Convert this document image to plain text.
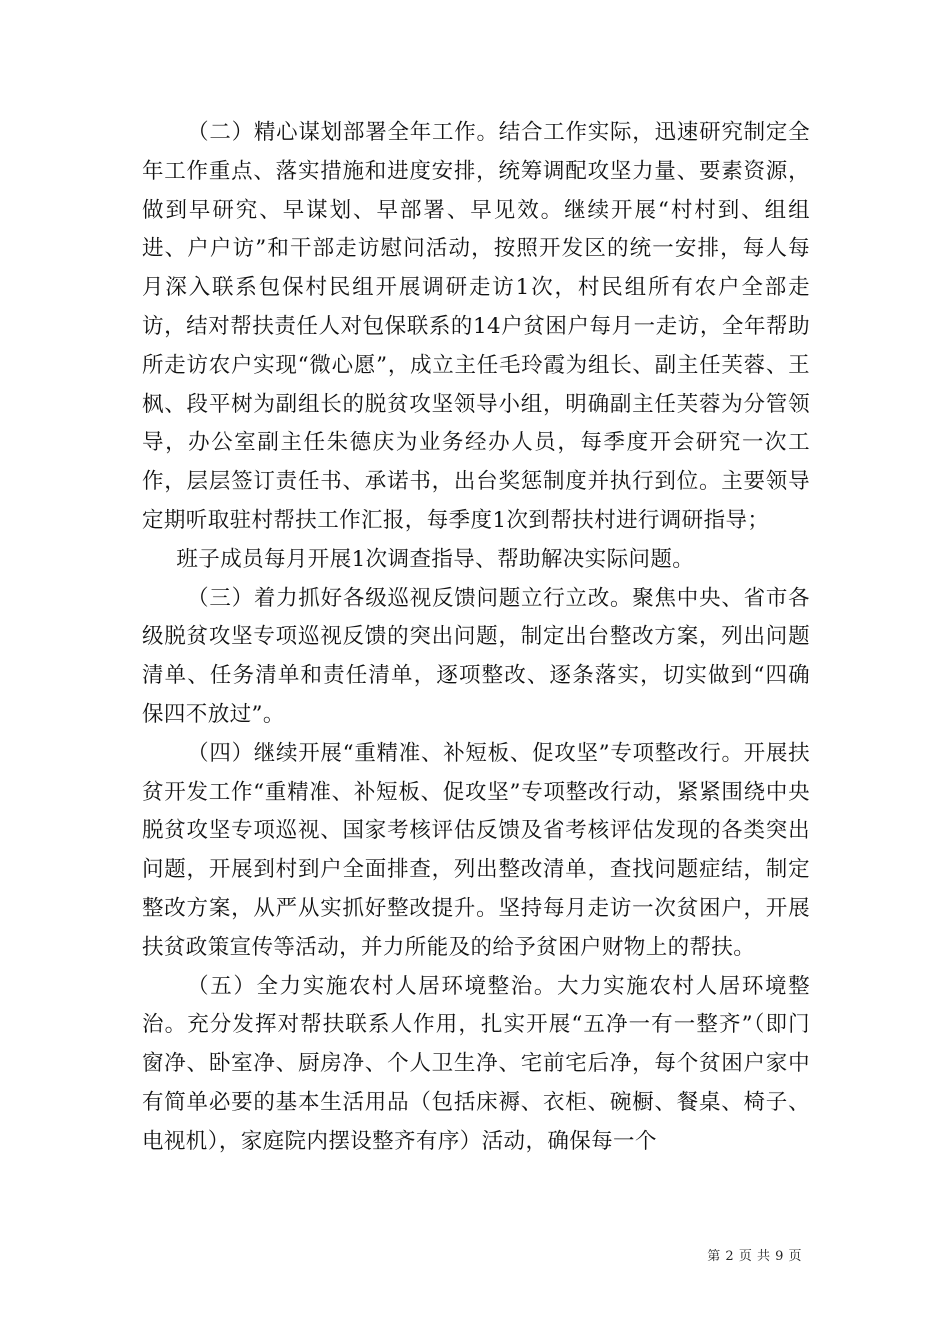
（二）精心谋划部署全年工作。结合工作实际，迅速研究制定全年工作重点、落实措施和进度安排，统筹调配攻坚力量、要素资源，做到早研究、早谋划、早部署、早见效。继续开展“村村到、组组进、户户访”和干部走访慰问活动，按照开发区的统一安排，每人每月深入联系包保村民组开展调研走访1次，村民组所有农户全部走访，结对帮扶责任人对包保联系的14户贫困户每月一走访，全年帮助所走访农户实现“微心愿”，成立主任毛玲霞为组长、副主任芙蓉、王枫、段平树为副组长的脱贫攻坚领导小组，明确副主任芙蓉为分管领导，办公室副主任朱德庆为业务经办人员，每季度开会研究一次工作，层层签订责任书、承诺书，出台奖惩制度并执行到位。主要领导定期听取驻村帮扶工作汇报，每季度1次到帮扶村进行调研指导；

班子成员每月开展1次调查指导、帮助解决实际问题。

（三）着力抓好各级巡视反馈问题立行立改。聚焦中央、省市各级脱贫攻坚专项巡视反馈的突出问题，制定出台整改方案，列出问题清单、任务清单和责任清单，逐项整改、逐条落实，切实做到“四确保四不放过”。

（四）继续开展“重精准、补短板、促攻坚”专项整改行。开展扶贫开发工作“重精准、补短板、促攻坚”专项整改行动，紧紧围绕中央脱贫攻坚专项巡视、国家考核评估反馈及省考核评估发现的各类突出问题，开展到村到户全面排查，列出整改清单，查找问题症结，制定整改方案，从严从实抓好整改提升。坚持每月走访一次贫困户，开展扶贫政策宣传等活动，并力所能及的给予贫困户财物上的帮扶。

（五）全力实施农村人居环境整治。大力实施农村人居环境整治。充分发挥对帮扶联系人作用，扎实开展“五净一有一整齐”（即门窗净、卧室净、厨房净、个人卫生净、宅前宅后净，每个贫困户家中有简单必要的基本生活用品（包括床褥、衣柜、碗橱、餐桌、椅子、电视机），家庭院内摆设整齐有序）活动，确保每一个

第 2 页 共 9 页
